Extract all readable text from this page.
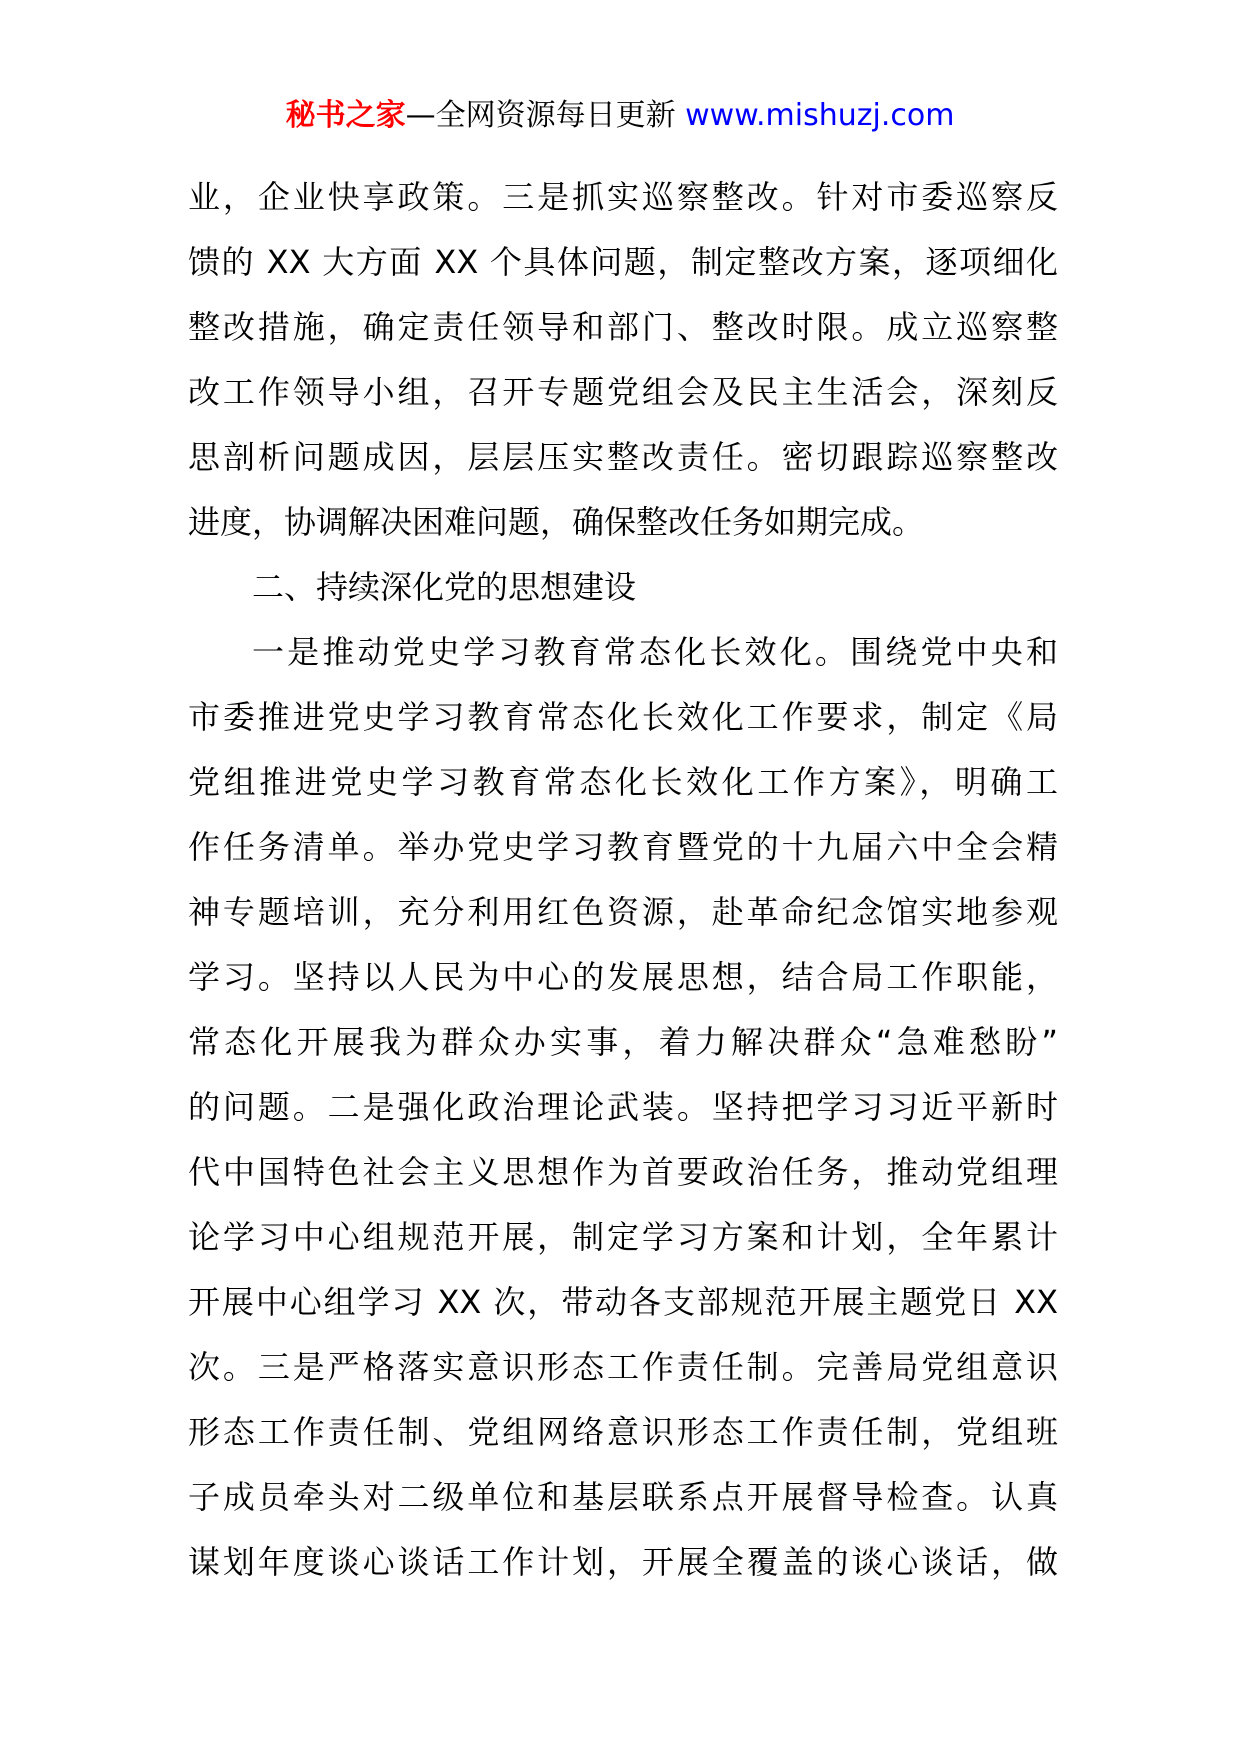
秘书之家—全网资源每日更新 www.mishuzj.com
业，企业快享政策。三是抓实巡察整改。针对市委巡察反
馈的 XX 大方面 XX 个具体问题，制定整改方案，逐项细化
整改措施，确定责任领导和部门、整改时限。成立巡察整
改工作领导小组，召开专题党组会及民主生活会，深刻反
思剖析问题成因，层层压实整改责任。密切跟踪巡察整改
进度，协调解决困难问题，确保整改任务如期完成。
二、持续深化党的思想建设
一是推动党史学习教育常态化长效化。围绕党中央和
市委推进党史学习教育常态化长效化工作要求，制定《局
党组推进党史学习教育常态化长效化工作方案》，明确工
作任务清单。举办党史学习教育暨党的十九届六中全会精
神专题培训，充分利用红色资源，赴革命纪念馆实地参观
学习。坚持以人民为中心的发展思想，结合局工作职能，
常态化开展我为群众办实事，着力解决群众“急难愁盼”
的问题。二是强化政治理论武装。坚持把学习习近平新时
代中国特色社会主义思想作为首要政治任务，推动党组理
论学习中心组规范开展，制定学习方案和计划，全年累计
开展中心组学习 XX 次，带动各支部规范开展主题党日 XX
次。三是严格落实意识形态工作责任制。完善局党组意识
形态工作责任制、党组网络意识形态工作责任制，党组班
子成员牵头对二级单位和基层联系点开展督导检查。认真
谋划年度谈心谈话工作计划，开展全覆盖的谈心谈话，做
